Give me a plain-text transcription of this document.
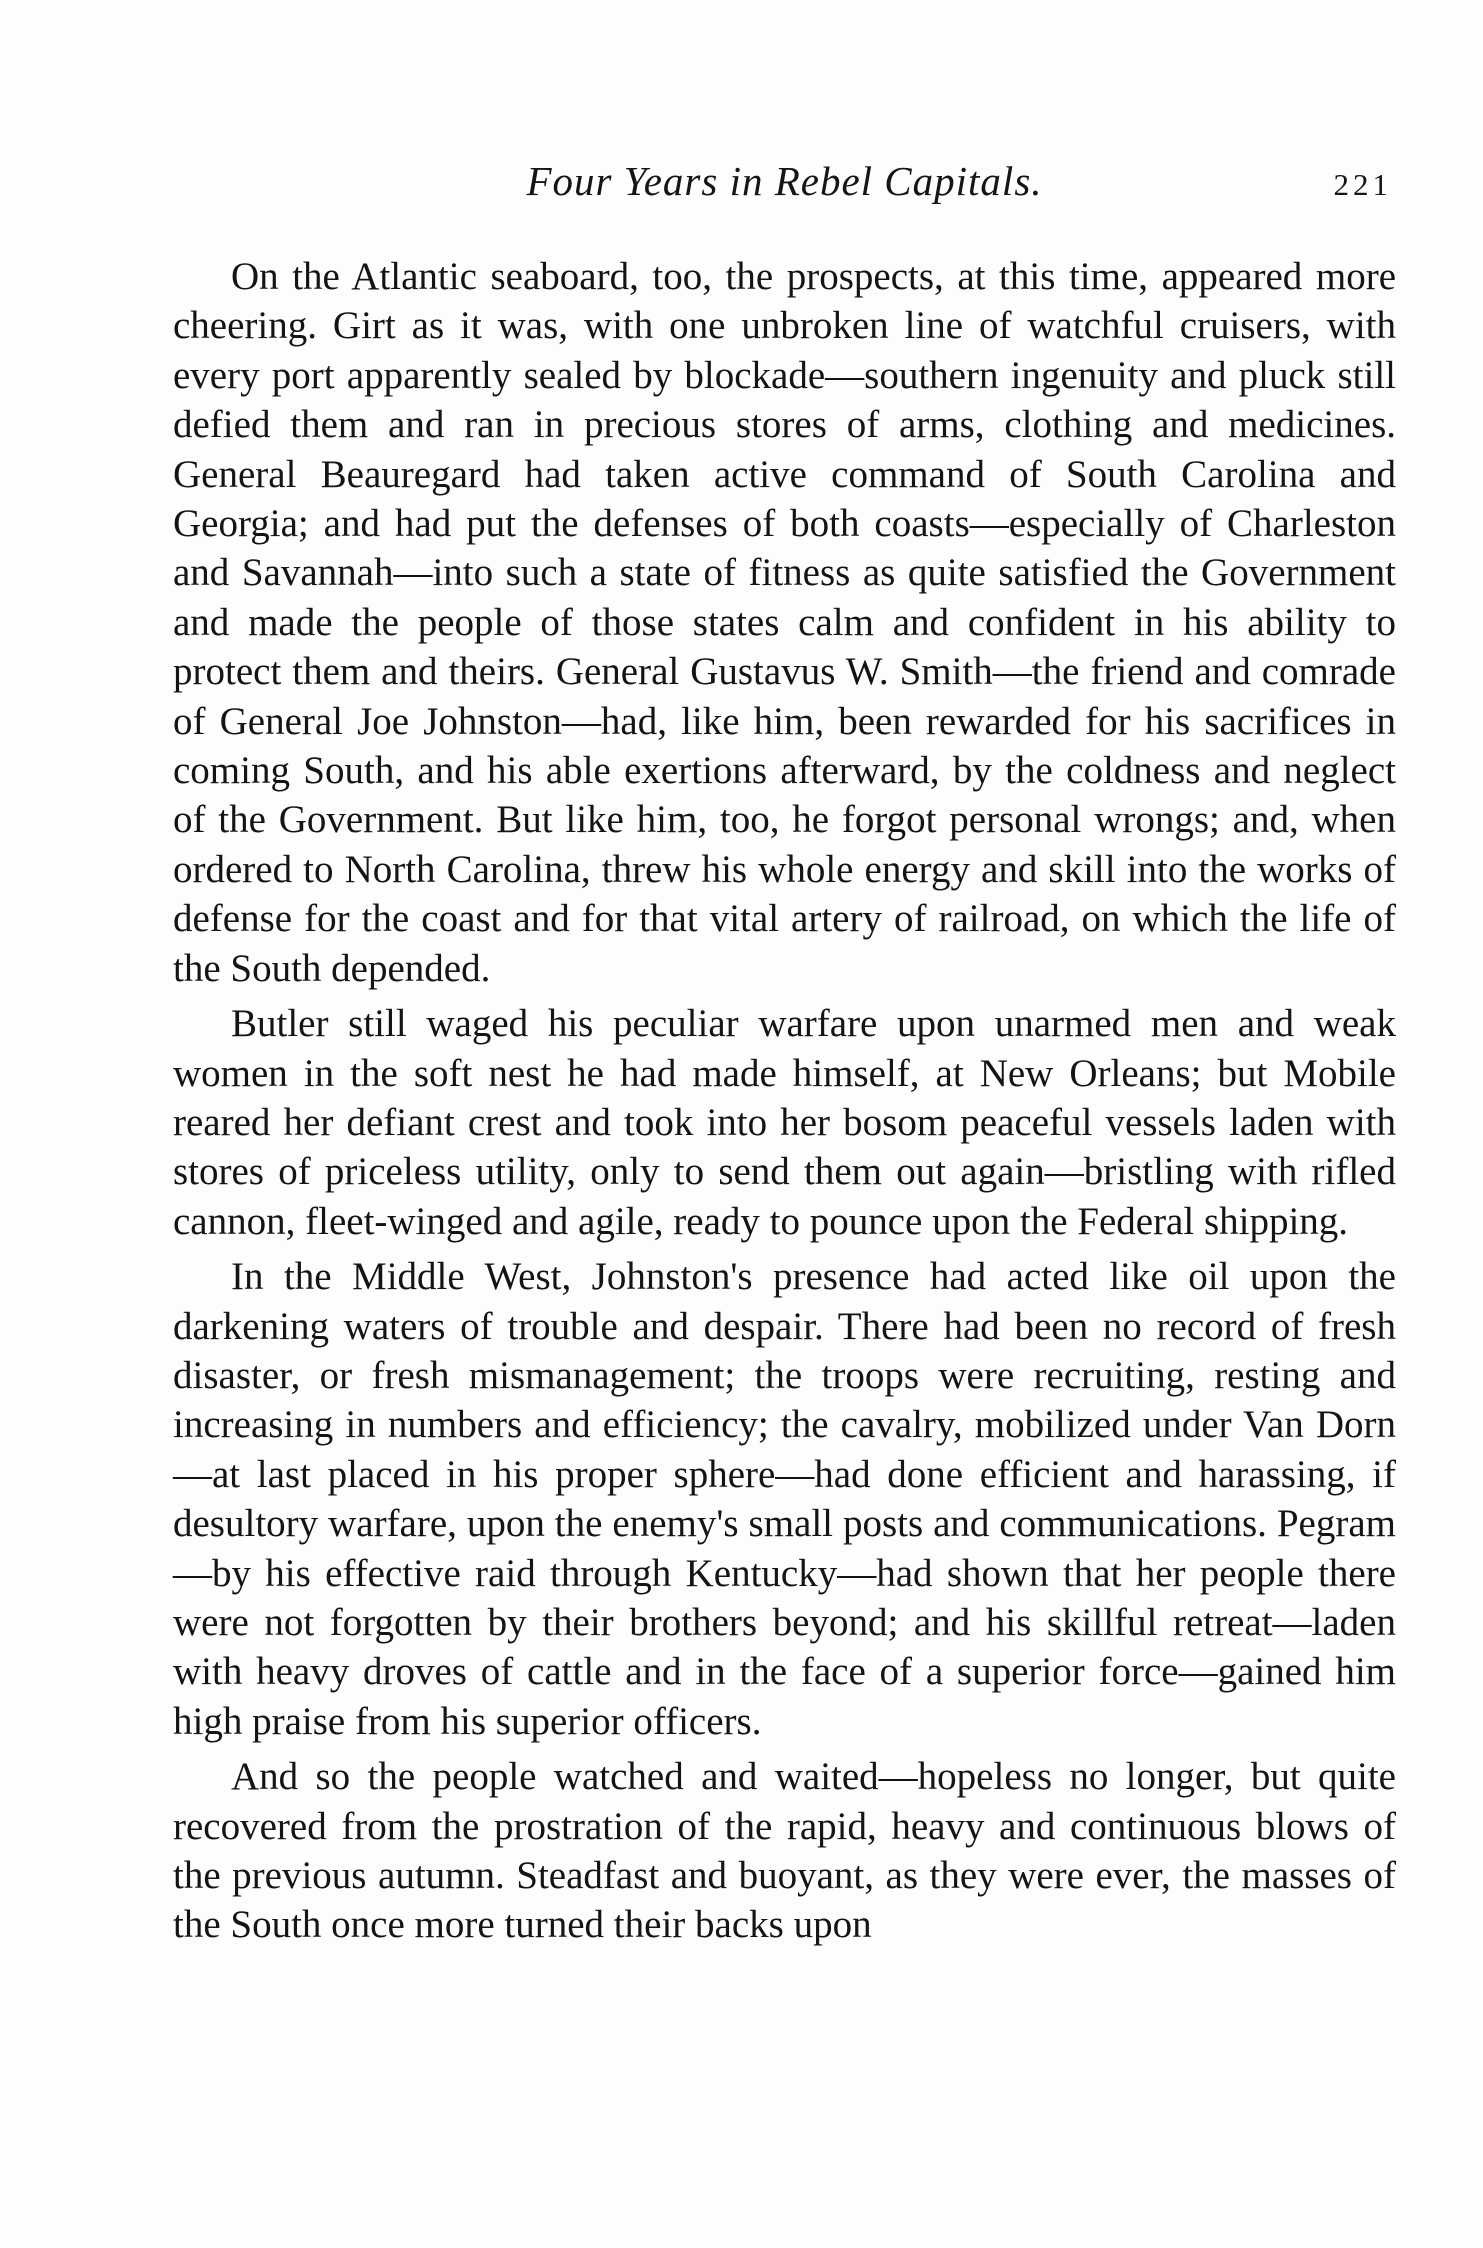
Four Years in Rebel Capitals.	221

On the Atlantic seaboard, too, the prospects, at this time, appeared more cheering. Girt as it was, with one unbroken line of watchful cruisers, with every port apparently sealed by blockade—southern ingenuity and pluck still defied them and ran in precious stores of arms, clothing and medicines. General Beauregard had taken active command of South Carolina and Georgia; and had put the defenses of both coasts—especially of Charleston and Savannah—into such a state of fitness as quite satisfied the Government and made the people of those states calm and confident in his ability to protect them and theirs. General Gustavus W. Smith—the friend and comrade of General Joe Johnston—had, like him, been rewarded for his sacrifices in coming South, and his able exertions afterward, by the coldness and neglect of the Government. But like him, too, he forgot personal wrongs; and, when ordered to North Carolina, threw his whole energy and skill into the works of defense for the coast and for that vital artery of railroad, on which the life of the South depended.

Butler still waged his peculiar warfare upon unarmed men and weak women in the soft nest he had made himself, at New Orleans; but Mobile reared her defiant crest and took into her bosom peaceful vessels laden with stores of priceless utility, only to send them out again—bristling with rifled cannon, fleet-winged and agile, ready to pounce upon the Federal shipping.

In the Middle West, Johnston's presence had acted like oil upon the darkening waters of trouble and despair. There had been no record of fresh disaster, or fresh mismanagement; the troops were recruiting, resting and increasing in numbers and efficiency; the cavalry, mobilized under Van Dorn—at last placed in his proper sphere—had done efficient and harassing, if desultory warfare, upon the enemy's small posts and communications. Pegram—by his effective raid through Kentucky—had shown that her people there were not forgotten by their brothers beyond; and his skillful retreat—laden with heavy droves of cattle and in the face of a superior force—gained him high praise from his superior officers.

And so the people watched and waited—hopeless no longer, but quite recovered from the prostration of the rapid, heavy and continuous blows of the previous autumn. Steadfast and buoyant, as they were ever, the masses of the South once more turned their backs upon
